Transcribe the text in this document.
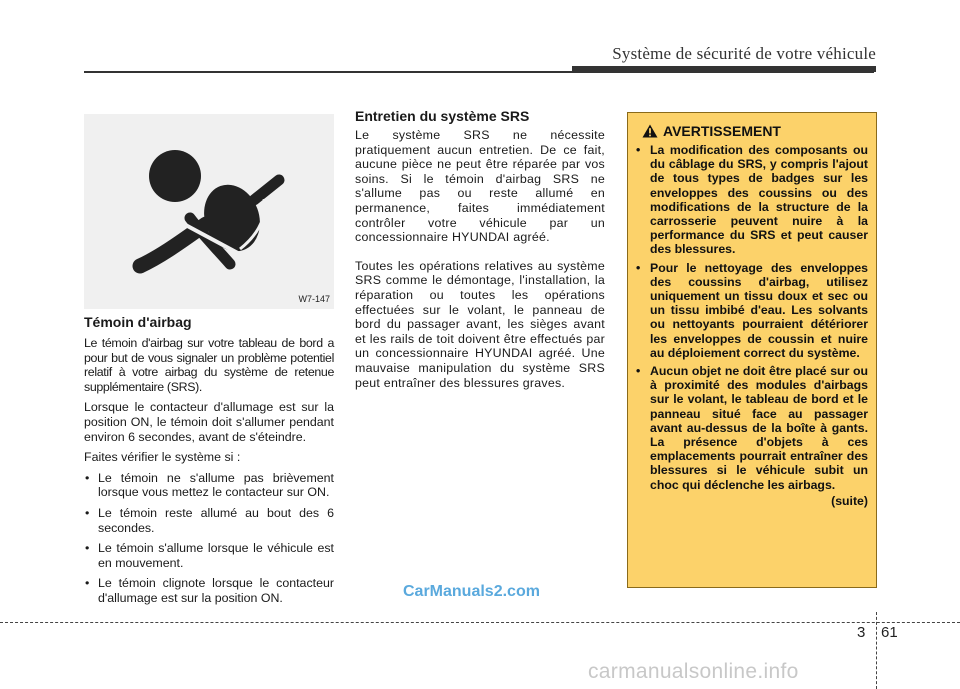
Système de sécurité de votre véhicule
W7-147
Témoin d'airbag

Le témoin d'airbag sur votre tableau de bord a pour but de vous signaler un problème potentiel relatif à votre airbag du système de retenue supplémentaire (SRS).

Lorsque le contacteur d'allumage est sur la position ON, le témoin doit s'allumer pendant environ 6 secondes, avant de s'éteindre.

Faites vérifier le système si :

• Le témoin ne s'allume pas brièvement lorsque vous mettez le contacteur sur ON.
• Le témoin reste allumé au bout des 6 secondes.
• Le témoin s'allume lorsque le véhicule est en mouvement.
• Le témoin clignote lorsque le contacteur d'allumage est sur la position ON.
Entretien du système SRS

Le système SRS ne nécessite pratiquement aucun entretien. De ce fait, aucune pièce ne peut être réparée par vos soins. Si le témoin d'airbag SRS ne s'allume pas ou reste allumé en permanence, faites immédiatement contrôler votre véhicule par un concessionnaire HYUNDAI agréé.

Toutes les opérations relatives au système SRS comme le démontage, l'installation, la réparation ou toutes les opérations effectuées sur le volant, le panneau de bord du passager avant, les sièges avant et les rails de toit doivent être effectués par un concessionnaire HYUNDAI agréé. Une mauvaise manipulation du système SRS peut entraîner des blessures graves.

AVERTISSEMENT
• La modification des composants ou du câblage du SRS, y compris l'ajout de tous types de badges sur les enveloppes des coussins ou des modifications de la structure de la carrosserie peuvent nuire à la performance du SRS et peut causer des blessures.
• Pour le nettoyage des enveloppes des coussins d'airbag, utilisez uniquement un tissu doux et sec ou un tissu imbibé d'eau. Les solvants ou nettoyants pourraient détériorer les enveloppes de coussin et nuire au déploiement correct du système.
• Aucun objet ne doit être placé sur ou à proximité des modules d'airbags sur le volant, le tableau de bord et le panneau situé face au passager avant au-dessus de la boîte à gants. La présence d'objets à ces emplacements pourrait entraîner des blessures si le véhicule subit un choc qui déclenche les airbags.
(suite)
CarManuals2.com
3 61
carmanualsonline.info
